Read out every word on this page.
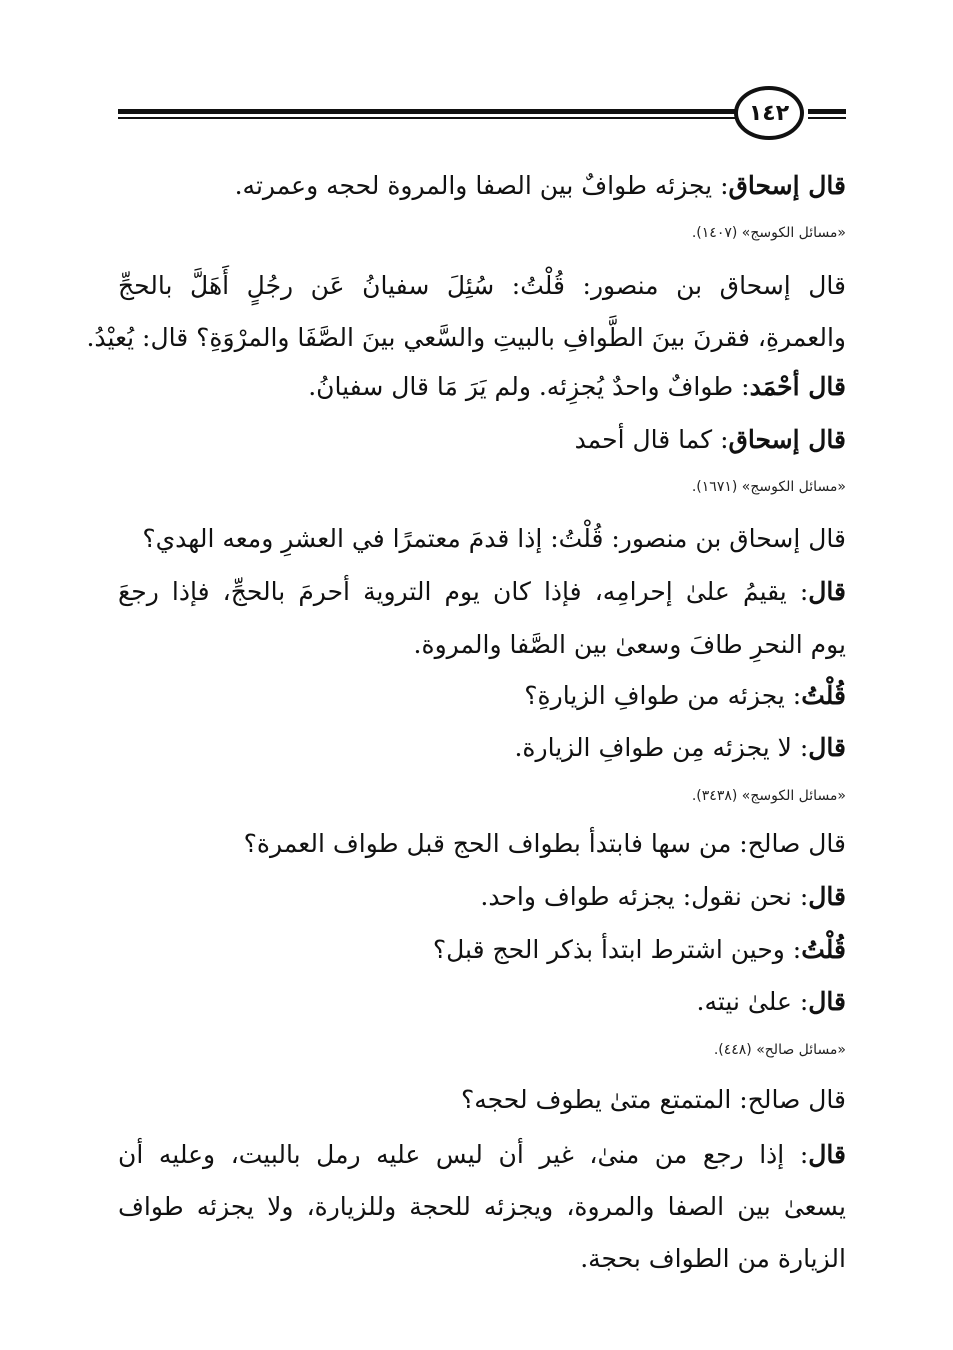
١٤٢
قال إسحاق: يجزئه طوافٌ بين الصفا والمروة لحجه وعمرته.
«مسائل الكوسج» (١٤٠٧).
قال إسحاق بن منصور: قُلْتُ: سُئِلَ سفيانُ عَن رجُلٍ أَهَلَّ بالحجِّ
والعمرةِ، فقرنَ بينَ الطَّوافِ بالبيتِ والسَّعي بينَ الصَّفَا والمرْوَةِ؟ قال: يُعيْدُ.
قال أحْمَد: طوافٌ واحدٌ يُجزِئه. ولم يَرَ مَا قال سفيانُ.
قال إسحاق: كما قال أحمد
«مسائل الكوسج» (١٦٧١).
قال إسحاق بن منصور: قُلْتُ: إذا قدمَ معتمرًا في العشرِ ومعه الهدي؟
قال: يقيمُ علىٰ إحرامِه، فإذا كان يوم التروية أحرمَ بالحجِّ، فإذا رجعَ
يوم النحرِ طافَ وسعىٰ بين الصَّفا والمروة.
قُلْتُ: يجزئه من طوافِ الزيارةِ؟
قال: لا يجزئه مِن طوافِ الزيارة.
«مسائل الكوسج» (٣٤٣٨).
قال صالح: من سها فابتدأ بطواف الحج قبل طواف العمرة؟
قال: نحن نقول: يجزئه طواف واحد.
قُلْتُ: وحين اشترط ابتدأ بذكر الحج قبل؟
قال: علىٰ نيته.
«مسائل صالح» (٤٤٨).
قال صالح: المتمتع متىٰ يطوف لحجه؟
قال: إذا رجع من منىٰ، غير أن ليس عليه رمل بالبيت، وعليه أن
يسعىٰ بين الصفا والمروة، ويجزئه للحجة وللزيارة، ولا يجزئه طواف
الزيارة من الطواف بحجة.
